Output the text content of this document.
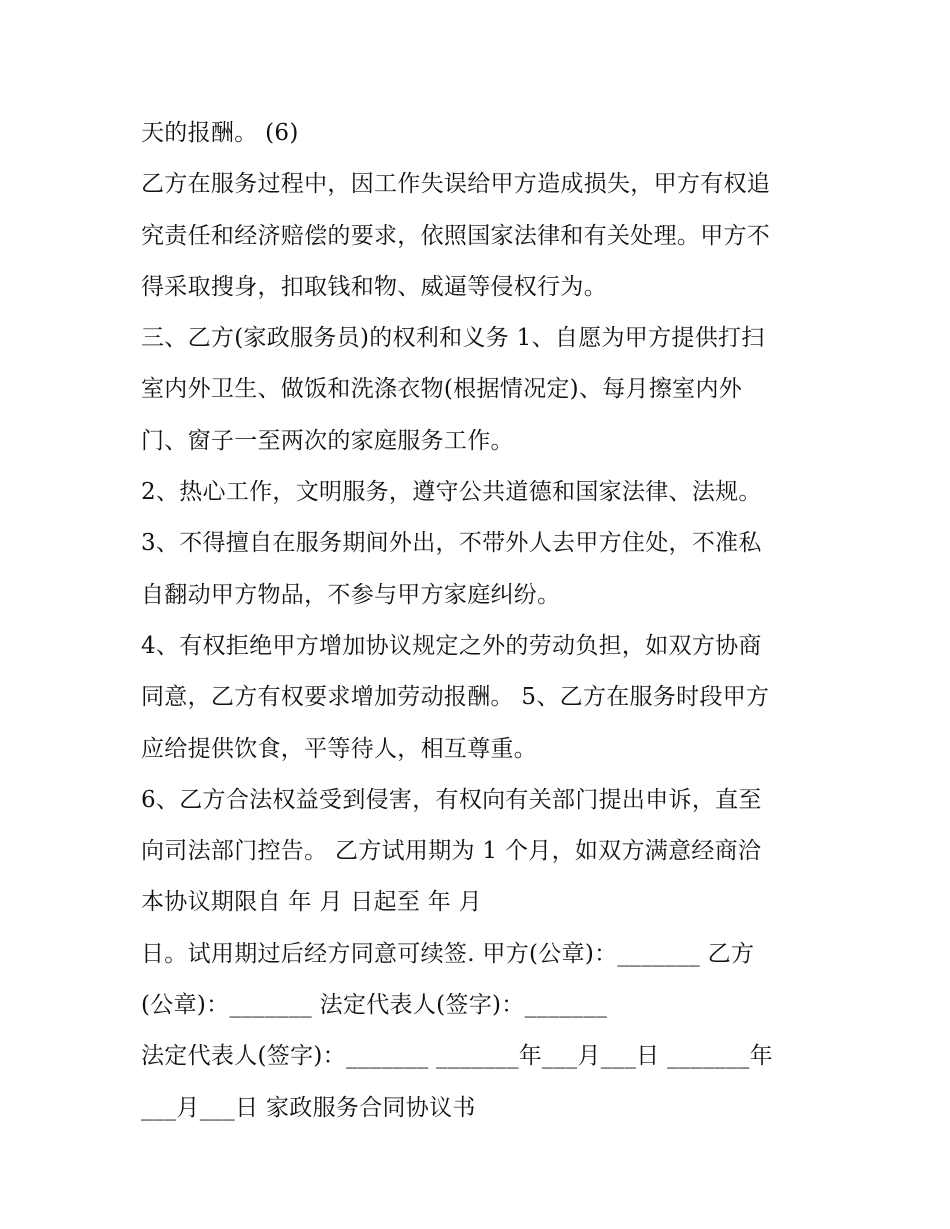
天的报酬。 (6)
乙方在服务过程中，因工作失误给甲方造成损失，甲方有权追
究责任和经济赔偿的要求，依照国家法律和有关处理。甲方不
得采取搜身，扣取钱和物、威逼等侵权行为。
三、乙方(家政服务员)的权利和义务 1、自愿为甲方提供打扫
室内外卫生、做饭和洗涤衣物(根据情况定)、每月擦室内外
门、窗子一至两次的家庭服务工作。
2、热心工作，文明服务，遵守公共道德和国家法律、法规。
3、不得擅自在服务期间外出，不带外人去甲方住处，不准私
自翻动甲方物品，不参与甲方家庭纠纷。
4、有权拒绝甲方增加协议规定之外的劳动负担，如双方协商
同意，乙方有权要求增加劳动报酬。 5、乙方在服务时段甲方
应给提供饮食，平等待人，相互尊重。
6、乙方合法权益受到侵害，有权向有关部门提出申诉，直至
向司法部门控告。 乙方试用期为 1 个月，如双方满意经商洽
本协议期限自 年 月 日起至 年 月
日。试用期过后经方同意可续签. 甲方(公章)：_______ 乙方
(公章)：_______ 法定代表人(签字)：_______
法定代表人(签字)：_______ _______年___月___日 _______年
___月___日 家政服务合同协议书
